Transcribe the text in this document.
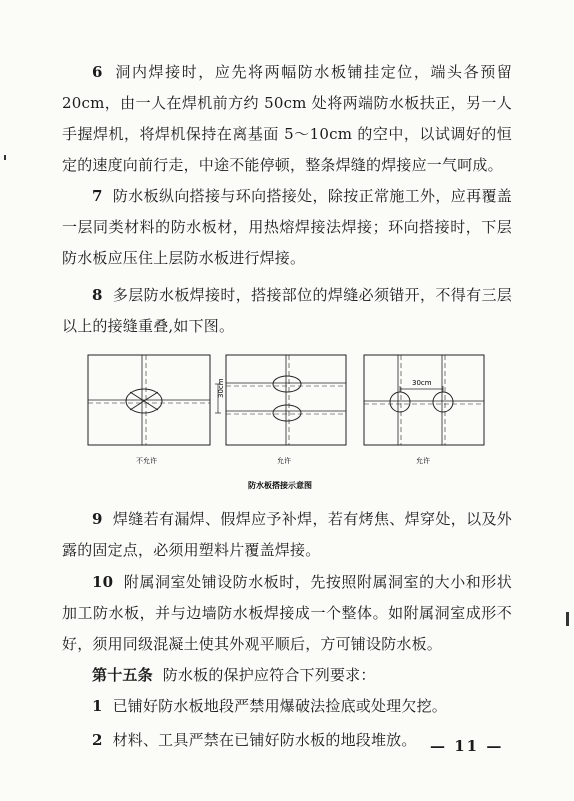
6 洞内焊接时，应先将两幅防水板铺挂定位，端头各预留 20cm，由一人在焊机前方约 50cm 处将两端防水板扶正，另一人手握焊机，将焊机保持在离基面 5～10cm 的空中，以试调好的恒定的速度向前行走，中途不能停顿，整条焊缝的焊接应一气呵成。

7 防水板纵向搭接与环向搭接处，除按正常施工外，应再覆盖一层同类材料的防水板材，用热熔焊接法焊接；环向搭接时，下层防水板应压住上层防水板进行焊接。

8 多层防水板焊接时，搭接部位的焊缝必须错开，不得有三层以上的接缝重叠,如下图。

30cm	30cm
不允许	允许	允许
防水板搭接示意图

9 焊缝若有漏焊、假焊应予补焊，若有烤焦、焊穿处，以及外露的固定点，必须用塑料片覆盖焊接。

10 附属洞室处铺设防水板时，先按照附属洞室的大小和形状加工防水板，并与边墙防水板焊接成一个整体。如附属洞室成形不好，须用同级混凝土使其外观平顺后，方可铺设防水板。

第十五条 防水板的保护应符合下列要求：

1 已铺好防水板地段严禁用爆破法捡底或处理欠挖。

2 材料、工具严禁在已铺好防水板的地段堆放。 — 11 —
